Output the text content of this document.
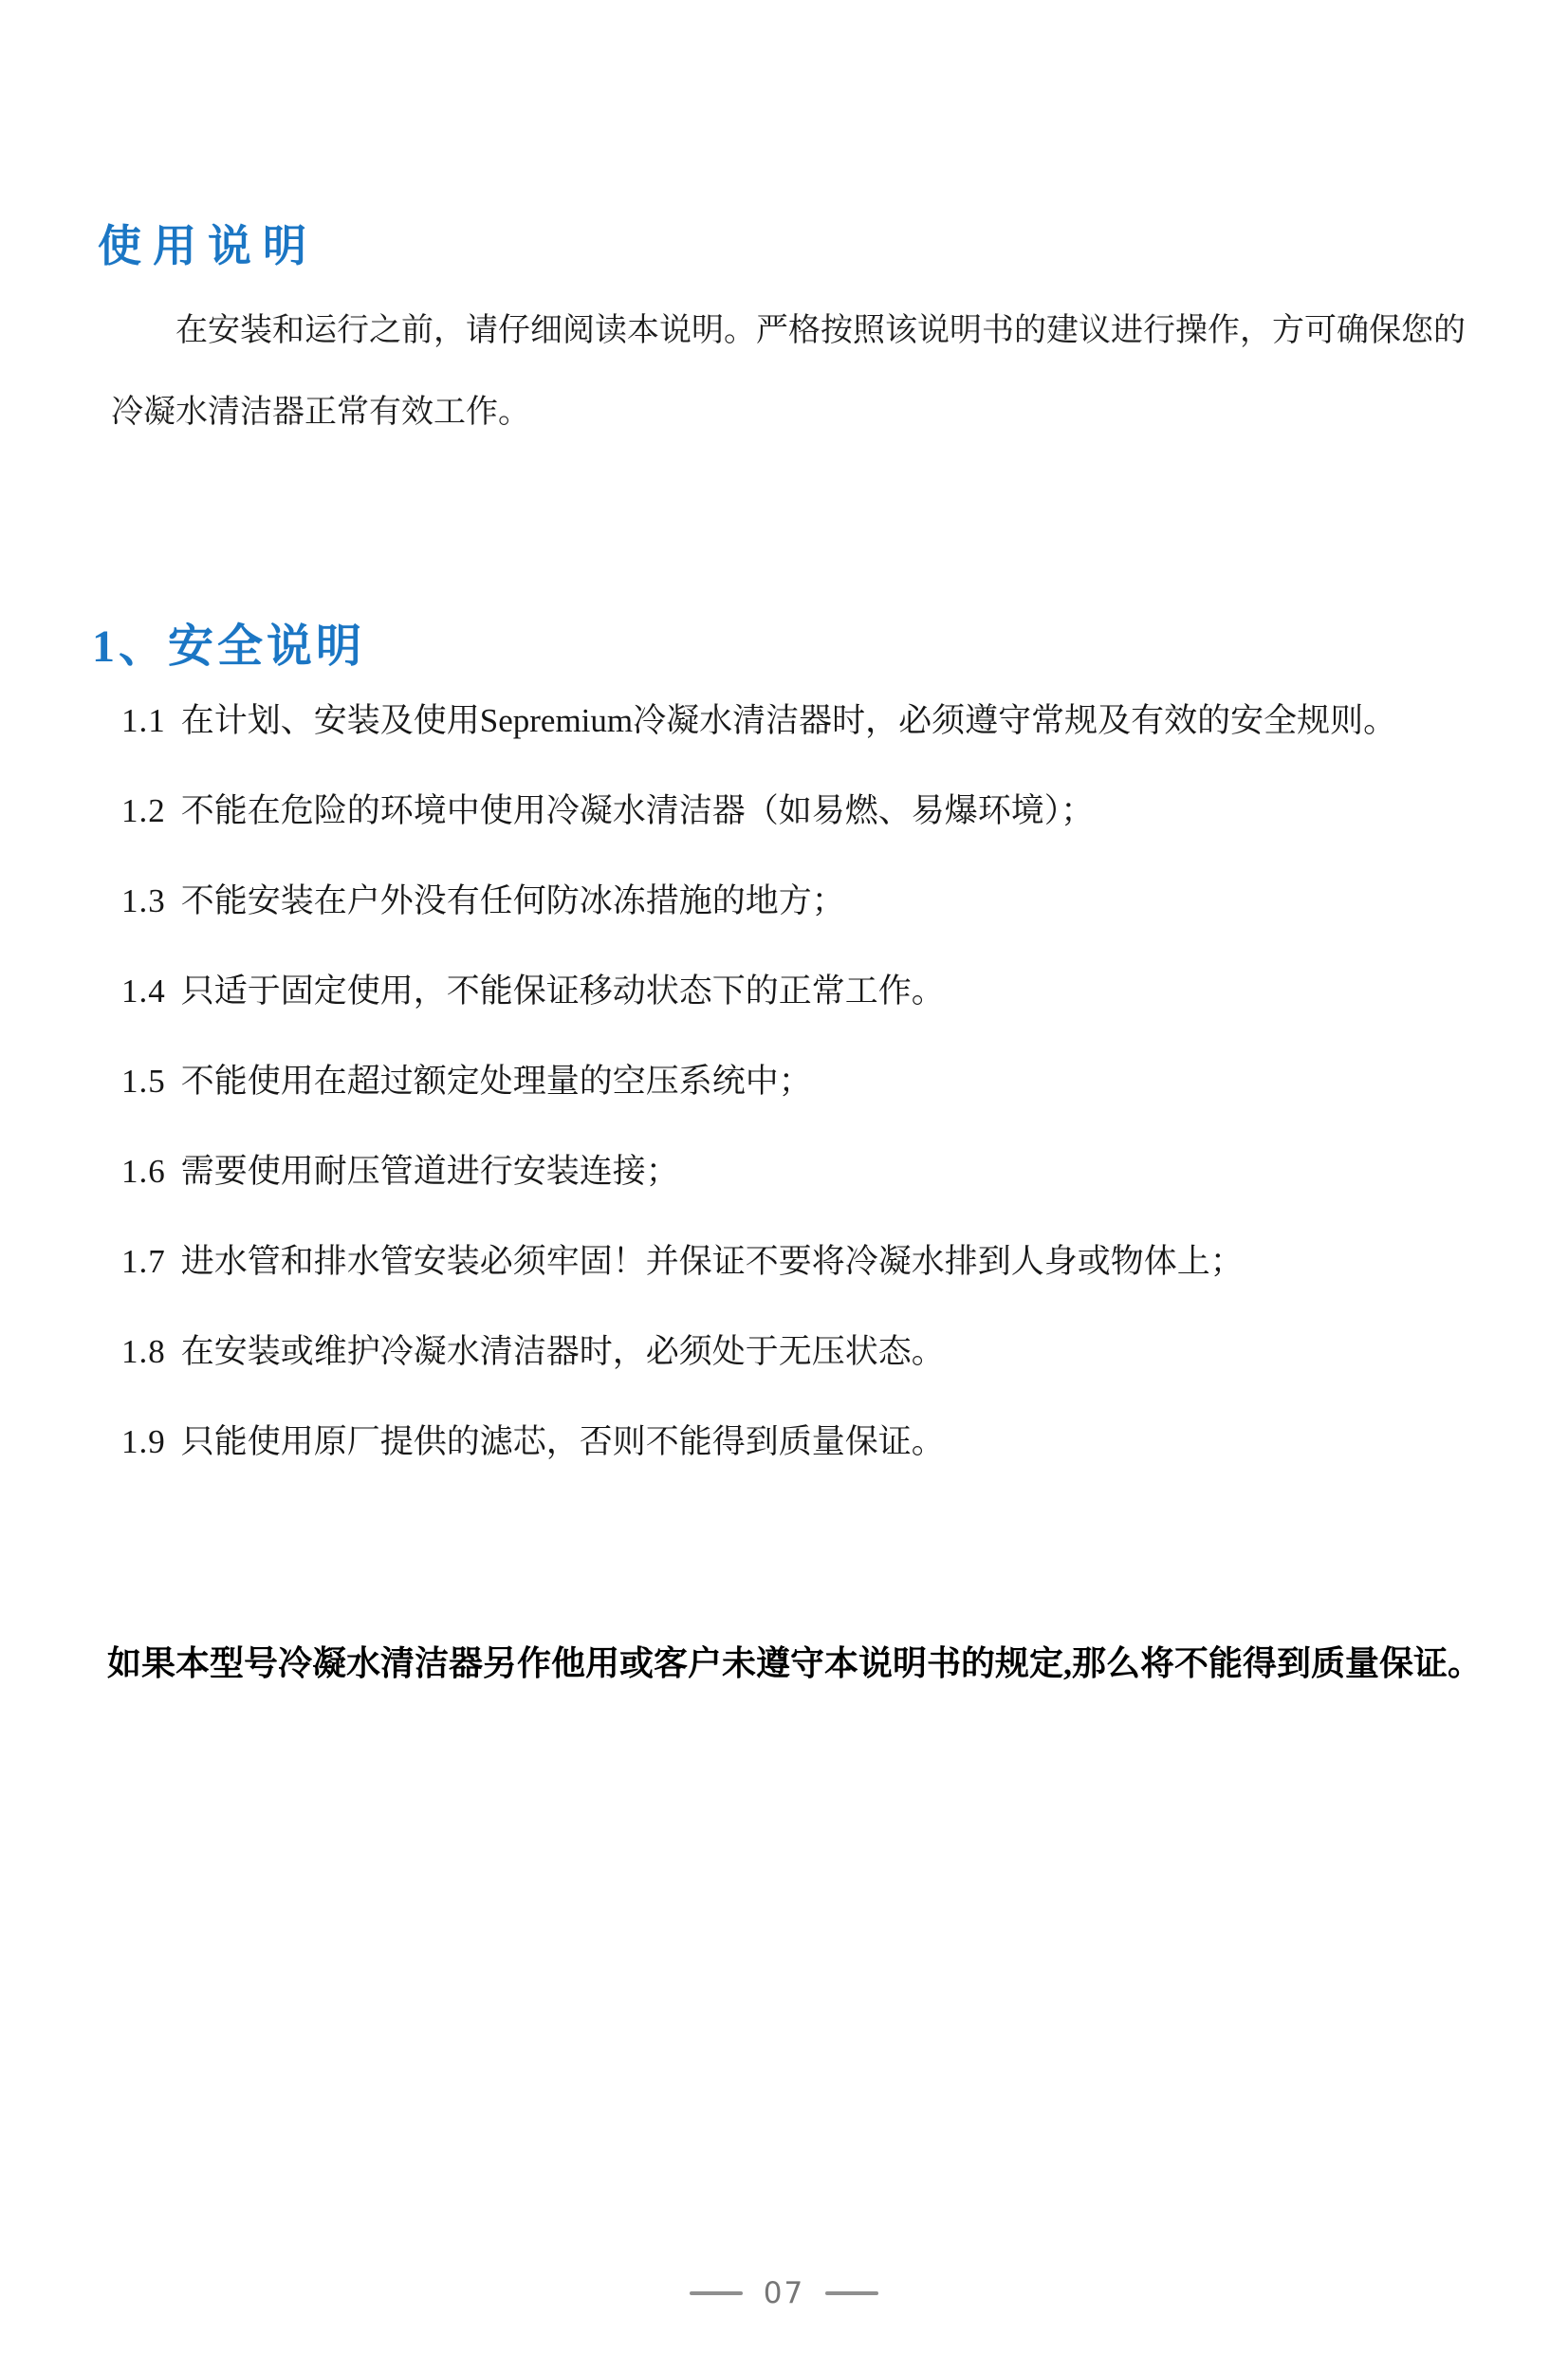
使用说明
在安装和运行之前，请仔细阅读本说明。严格按照该说明书的建议进行操作，方可确保您的
冷凝水清洁器正常有效工作。
1、安全说明
1.1 在计划、安装及使用Sepremium冷凝水清洁器时，必须遵守常规及有效的安全规则。
1.2 不能在危险的环境中使用冷凝水清洁器（如易燃、易爆环境）；
1.3 不能安装在户外没有任何防冰冻措施的地方；
1.4 只适于固定使用，不能保证移动状态下的正常工作。
1.5 不能使用在超过额定处理量的空压系统中；
1.6 需要使用耐压管道进行安装连接；
1.7 进水管和排水管安装必须牢固！并保证不要将冷凝水排到人身或物体上；
1.8 在安装或维护冷凝水清洁器时，必须处于无压状态。
1.9 只能使用原厂提供的滤芯，否则不能得到质量保证。
如果本型号冷凝水清洁器另作他用或客户未遵守本说明书的规定,那么将不能得到质量保证。
07
